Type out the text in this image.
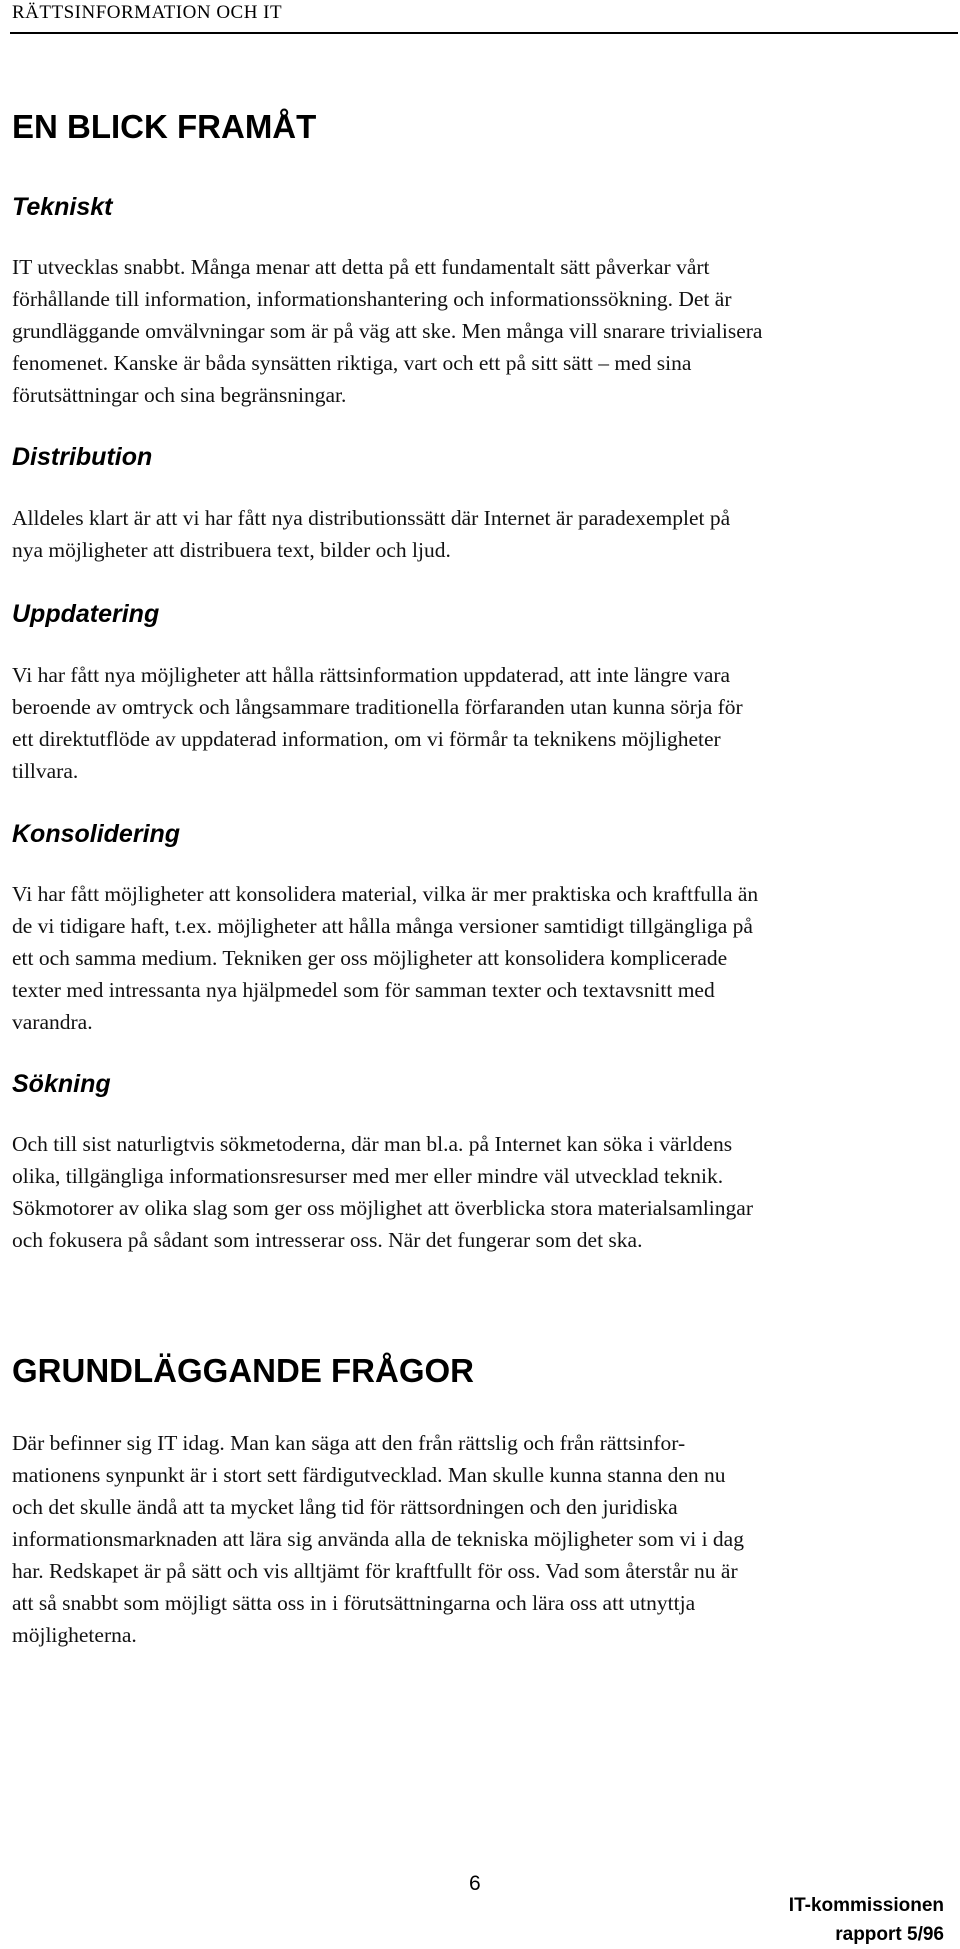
RÄTTSINFORMATION OCH IT
EN BLICK FRAMÅT
Tekniskt

IT utvecklas snabbt. Många menar att detta på ett fundamentalt sätt påverkar vårt
förhållande till information, informationshantering och informationssökning. Det är
grundläggande omvälvningar som är på väg att ske. Men många vill snarare trivialisera
fenomenet. Kanske är båda synsätten riktiga, vart och ett på sitt sätt – med sina
förutsättningar och sina begränsningar.

Distribution

Alldeles klart är att vi har fått nya distributionssätt där Internet är paradexemplet på
nya möjligheter att distribuera text, bilder och ljud.

Uppdatering

Vi har fått nya möjligheter att hålla rättsinformation uppdaterad, att inte längre vara
beroende av omtryck och långsammare traditionella förfaranden utan kunna sörja för
ett direktutflöde av uppdaterad information, om vi förmår ta teknikens möjligheter
tillvara.

Konsolidering

Vi har fått möjligheter att konsolidera material, vilka är mer praktiska och kraftfulla än
de vi tidigare haft, t.ex. möjligheter att hålla många versioner samtidigt tillgängliga på
ett och samma medium. Tekniken ger oss möjligheter att konsolidera komplicerade
texter med intressanta nya hjälpmedel som för samman texter och textavsnitt med
varandra.

Sökning

Och till sist naturligtvis sökmetoderna, där man bl.a. på Internet kan söka i världens
olika, tillgängliga informationsresurser med mer eller mindre väl utvecklad teknik.
Sökmotorer av olika slag som ger oss möjlighet att överblicka stora materialsamlingar
och fokusera på sådant som intresserar oss. När det fungerar som det ska.

GRUNDLÄGGANDE FRÅGOR

Där befinner sig IT idag. Man kan säga att den från rättslig och från rättsinfor-
mationens synpunkt är i stort sett färdigutvecklad. Man skulle kunna stanna den nu
och det skulle ändå att ta mycket lång tid för rättsordningen och den juridiska
informationsmarknaden att lära sig använda alla de tekniska möjligheter som vi i dag
har. Redskapet är på sätt och vis alltjämt för kraftfullt för oss. Vad som återstår nu är
att så snabbt som möjligt sätta oss in i förutsättningarna och lära oss att utnyttja
möjligheterna.

6
IT-kommissionen
rapport 5/96
